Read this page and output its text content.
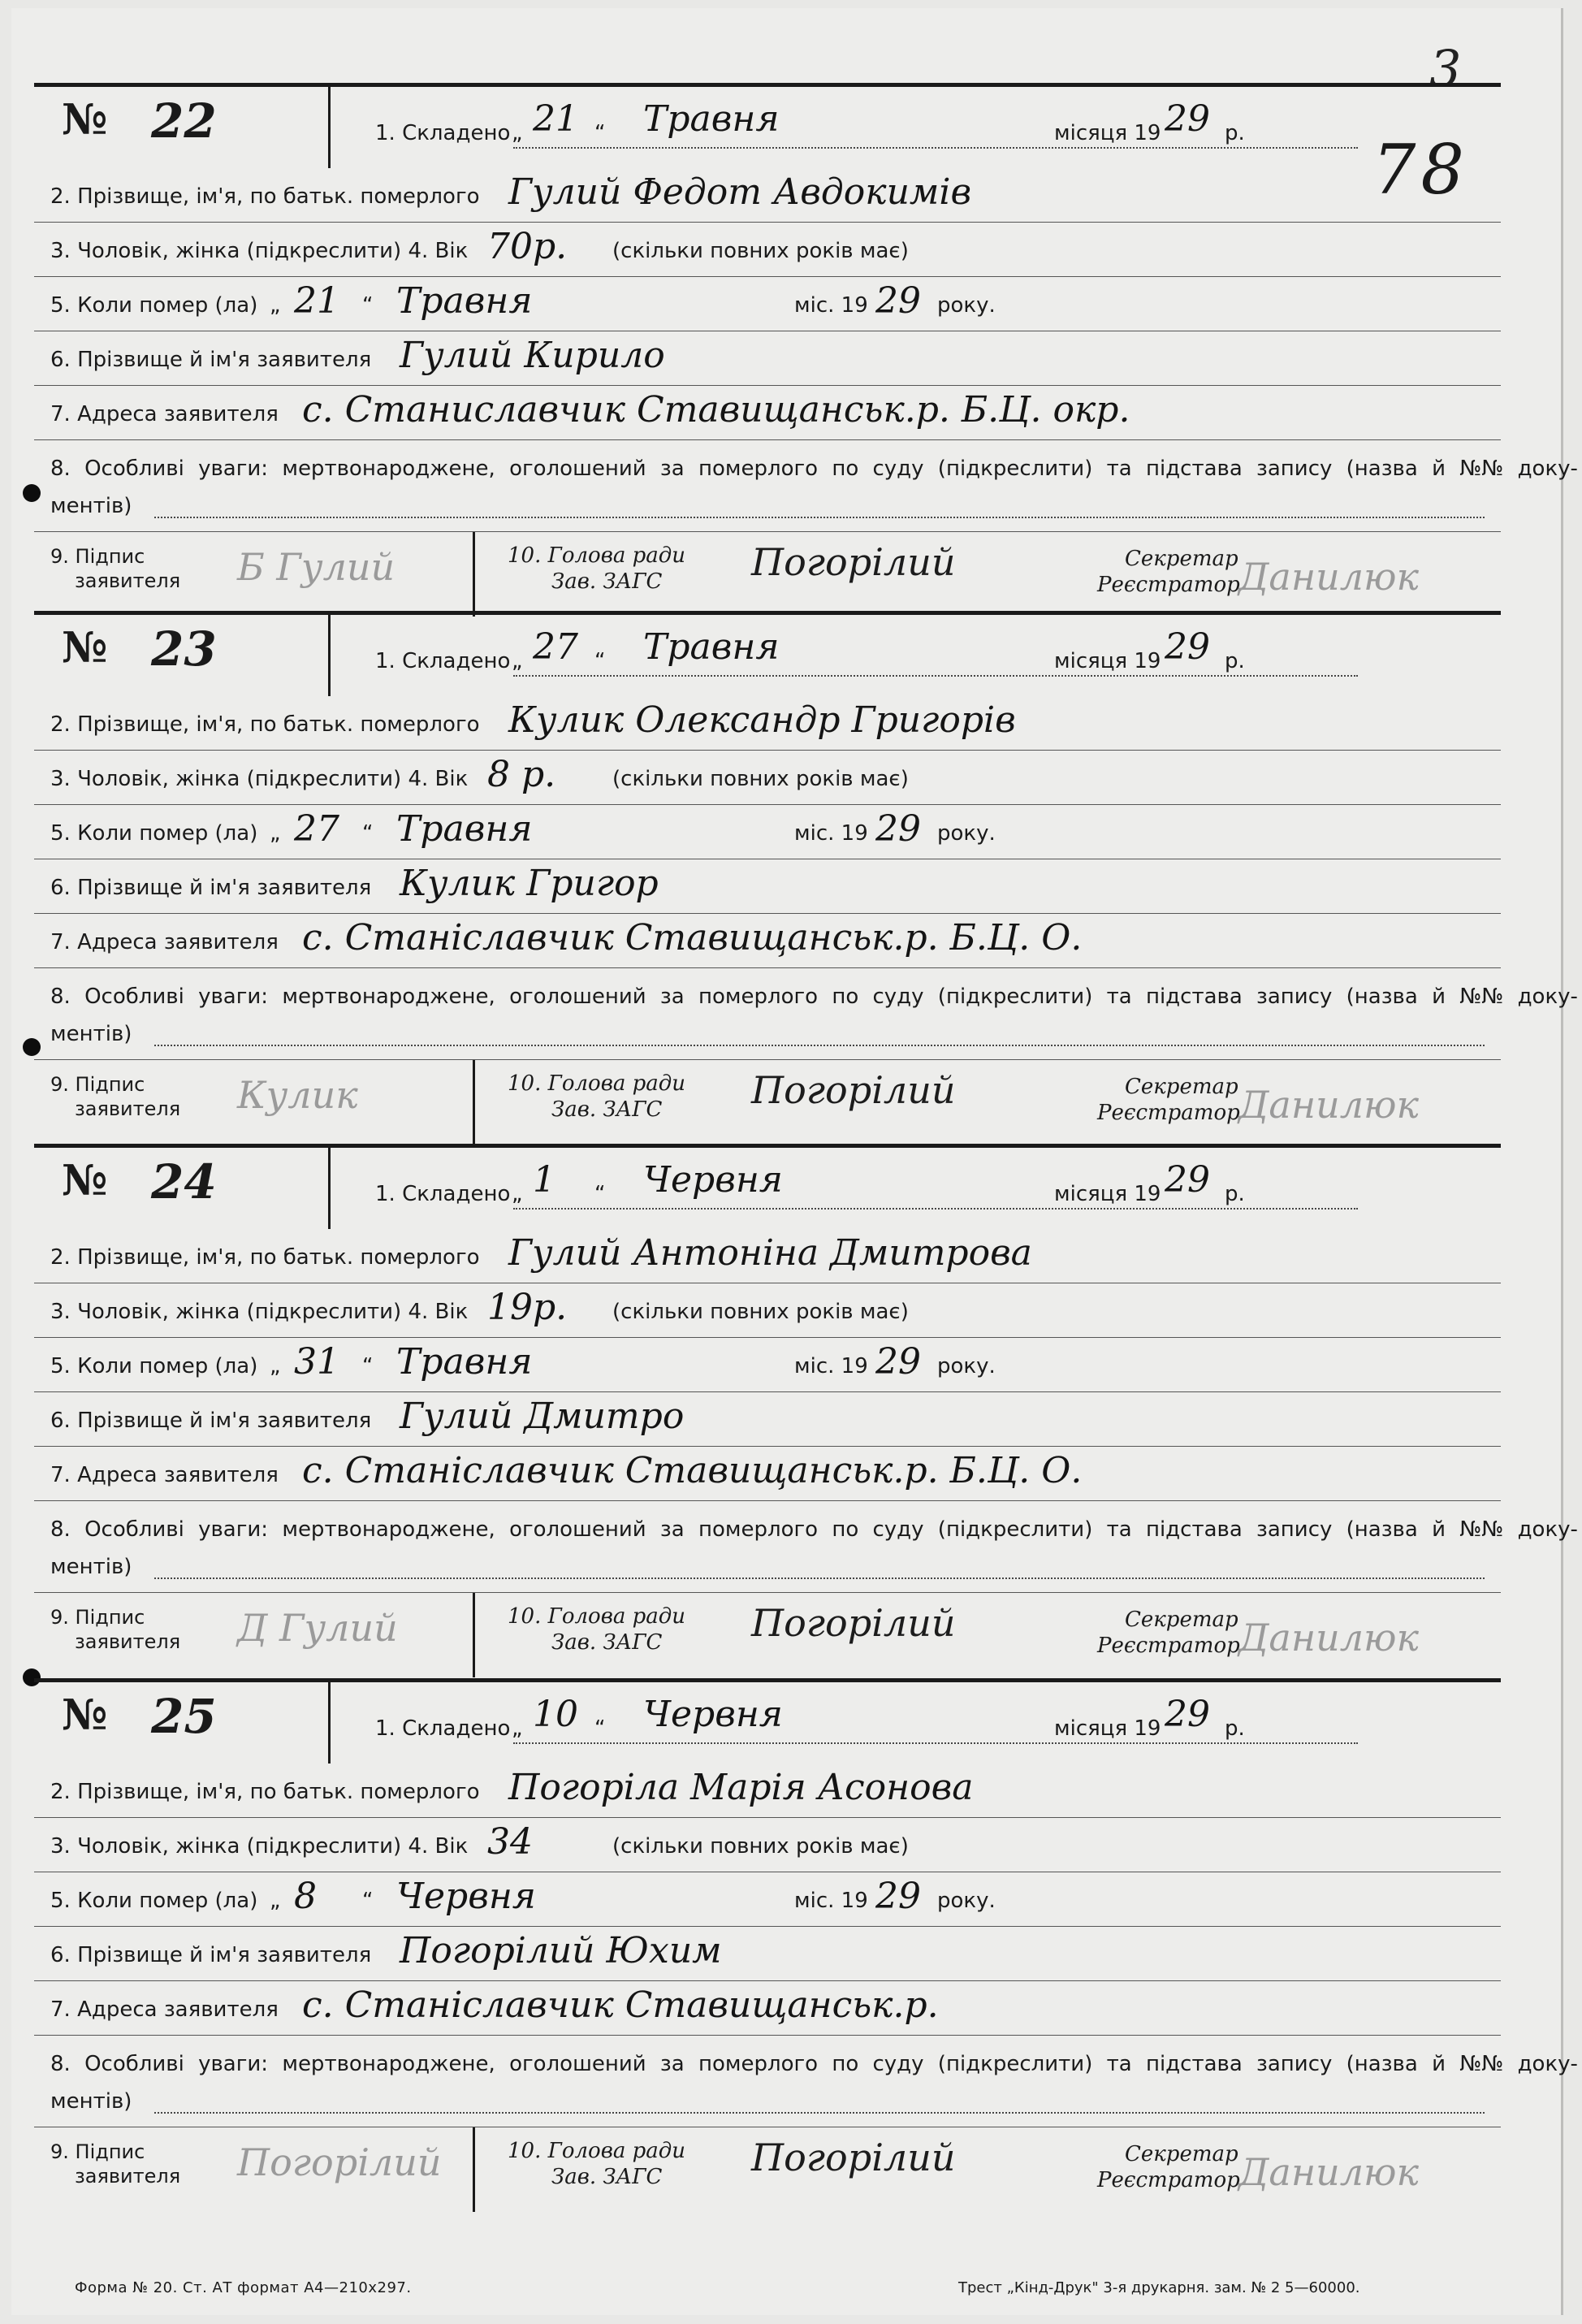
3
78
№ 22	1. Складено „ 21 “ Травня	місяця 19 29 р.
2. Прізвище, ім'я, по батьк. померлого Гулий Федот Авдокимів
3. Чоловік, жінка (підкреслити) 4. Вік 70р. (скільки повних років має)
5. Коли помер (ла) „ 21 “ Травня	міс. 19 29 року.
6. Прізвище й ім'я заявителя Гулий Кирило
7. Адреса заявителя с. Станиславчик Ставищанськ.р. Б.Ц. окр.
8. Особливі уваги: мертвонароджене, оголошений за померлого по суду (підкреслити) та підстава запису (назва й №№ доку-
ментів)
9. Підпис
заявителя Б Гулий	10. Голова ради
Зав. ЗАГС Погорілий	Секретар
Реєстратор
Данилюк
№ 23	1. Складено „ 27 “ Травня	місяця 19 29 р.
2. Прізвище, ім'я, по батьк. померлого Кулик Олександр Григорів
3. Чоловік, жінка (підкреслити) 4. Вік 8 р.	(скільки повних років має)
5. Коли помер (ла) „ 27 “ Травня	міс. 19 29 року.
6. Прізвище й ім'я заявителя Кулик Григор
7. Адреса заявителя с. Станіславчик Ставищанськ.р. Б.Ц. О.
8. Особливі уваги: мертвонароджене, оголошений за померлого по суду (підкреслити) та підстава запису (назва й №№ доку-
ментів)
9. Підпис
заявителя Кулик	10. Голова ради
Зав. ЗАГС Погорілий	Секретар
Реєстратор
Данилюк
№ 24	1. Складено „ 1 “ Червня	місяця 19 29 р.
2. Прізвище, ім'я, по батьк. померлого Гулий Антоніна Дмитрова
3. Чоловік, жінка (підкреслити) 4. Вік 19р. (скільки повних років має)
5. Коли помер (ла) „ 31 “ Травня	міс. 19 29 року.
6. Прізвище й ім'я заявителя Гулий Дмитро
7. Адреса заявителя с. Станіславчик Ставищанськ.р. Б.Ц. О.
8. Особливі уваги: мертвонароджене, оголошений за померлого по суду (підкреслити) та підстава запису (назва й №№ доку-
ментів)
9. Підпис
заявителя Д Гулий	10. Голова ради
Зав. ЗАГС Погорілий	Секретар
Реєстратор
Данилюк
№ 25	1. Складено „ 10 “ Червня	місяця 19 29 р.
2. Прізвище, ім'я, по батьк. померлого Погоріла Марія Асонова
3. Чоловік, жінка (підкреслити) 4. Вік 34	(скільки повних років має)
5. Коли помер (ла) „ 8 “ Червня	міс. 19 29 року.
6. Прізвище й ім'я заявителя Погорілий Юхим
7. Адреса заявителя с. Станіславчик Ставищанськ.р.
8. Особливі уваги: мертвонароджене, оголошений за померлого по суду (підкреслити) та підстава запису (назва й №№ доку-
ментів)
9. Підпис
заявителя Погорілий	10. Голова ради
Зав. ЗАГС Погорілий	Секретар
Реєстратор
Данилюк
Форма № 20. Ст. АТ формат А4—210х297.	Трест „Кінд-Друк" 3-я друкарня. зам. № 2 5—60000.
